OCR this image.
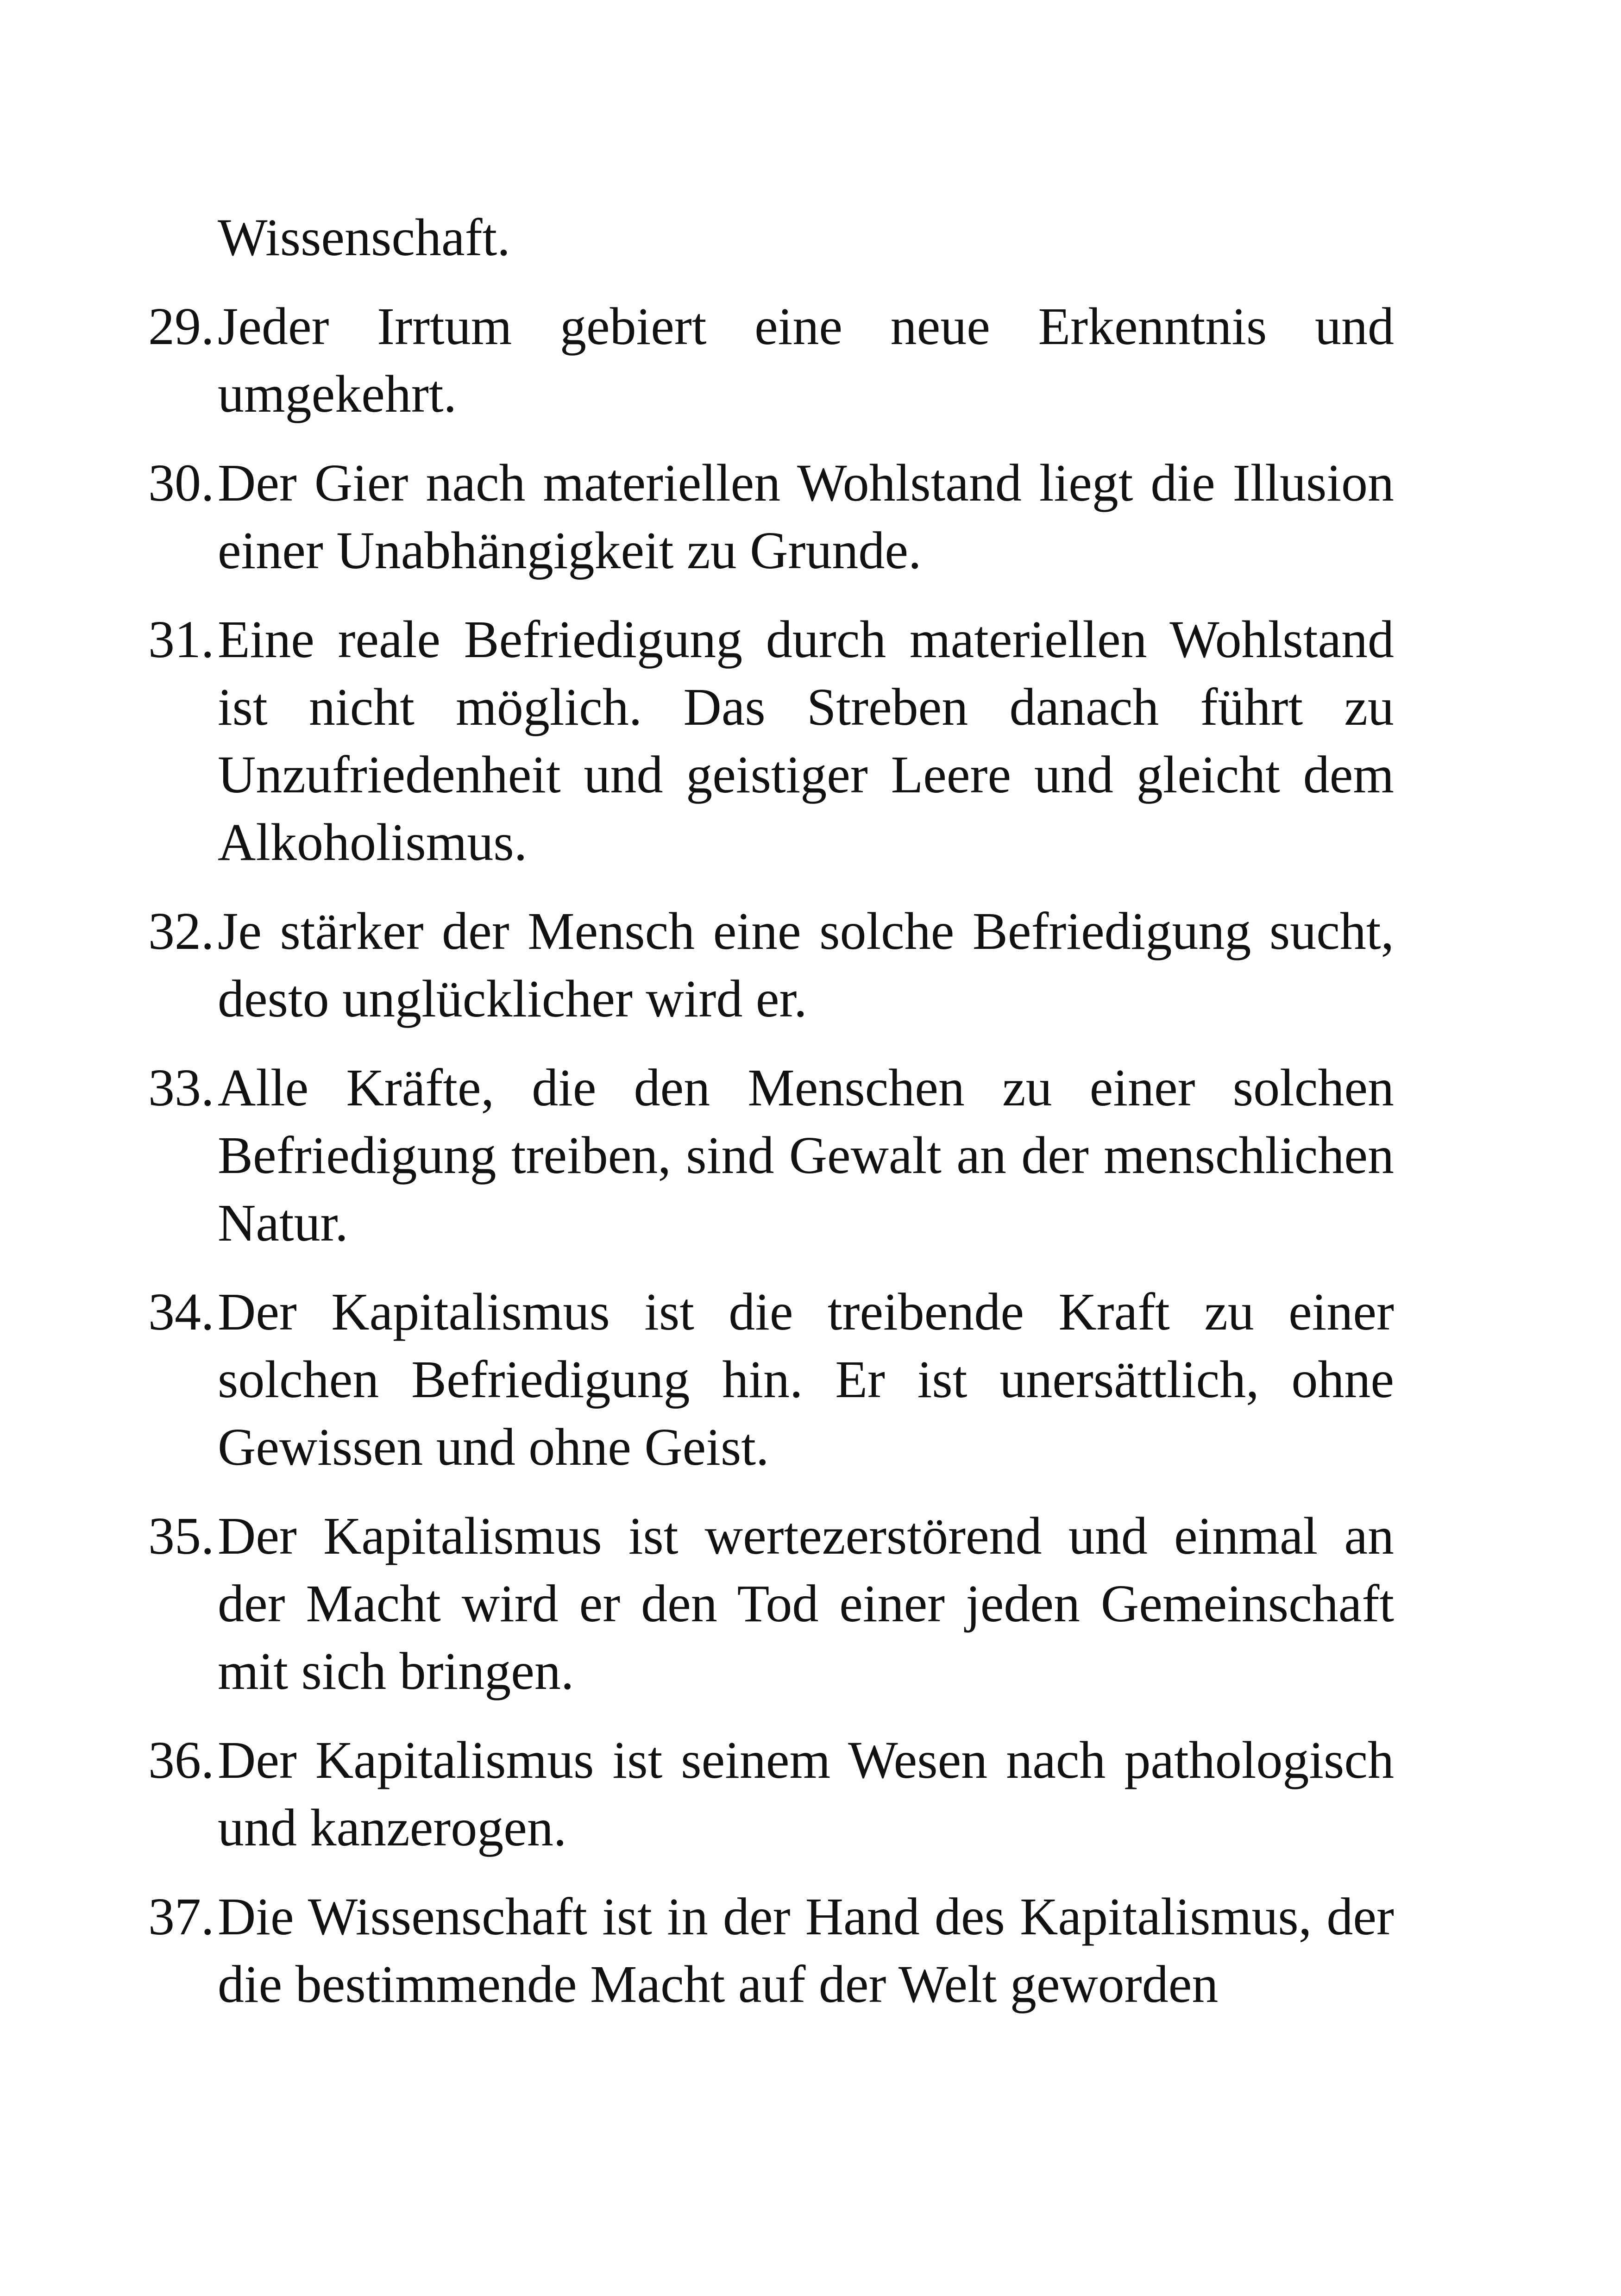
Wissenschaft.

29. Jeder Irrtum gebiert eine neue Erkenntnis und umgekehrt.
30. Der Gier nach materiellen Wohlstand liegt die Illusion einer Unabhängigkeit zu Grunde.
31. Eine reale Befriedigung durch materiellen Wohlstand ist nicht möglich. Das Streben danach führt zu Unzufriedenheit und geistiger Leere und gleicht dem Alkoholismus.
32. Je stärker der Mensch eine solche Befriedigung sucht, desto unglücklicher wird er.
33. Alle Kräfte, die den Menschen zu einer solchen Befriedigung treiben, sind Gewalt an der menschlichen Natur.
34. Der Kapitalismus ist die treibende Kraft zu einer solchen Befriedigung hin. Er ist unersättlich, ohne Gewissen und ohne Geist.
35. Der Kapitalismus ist wertezerstörend und einmal an der Macht wird er den Tod einer jeden Gemeinschaft mit sich bringen.
36. Der Kapitalismus ist seinem Wesen nach pathologisch und kanzerogen.
37. Die Wissenschaft ist in der Hand des Kapitalismus, der die bestimmende Macht auf der Welt geworden
